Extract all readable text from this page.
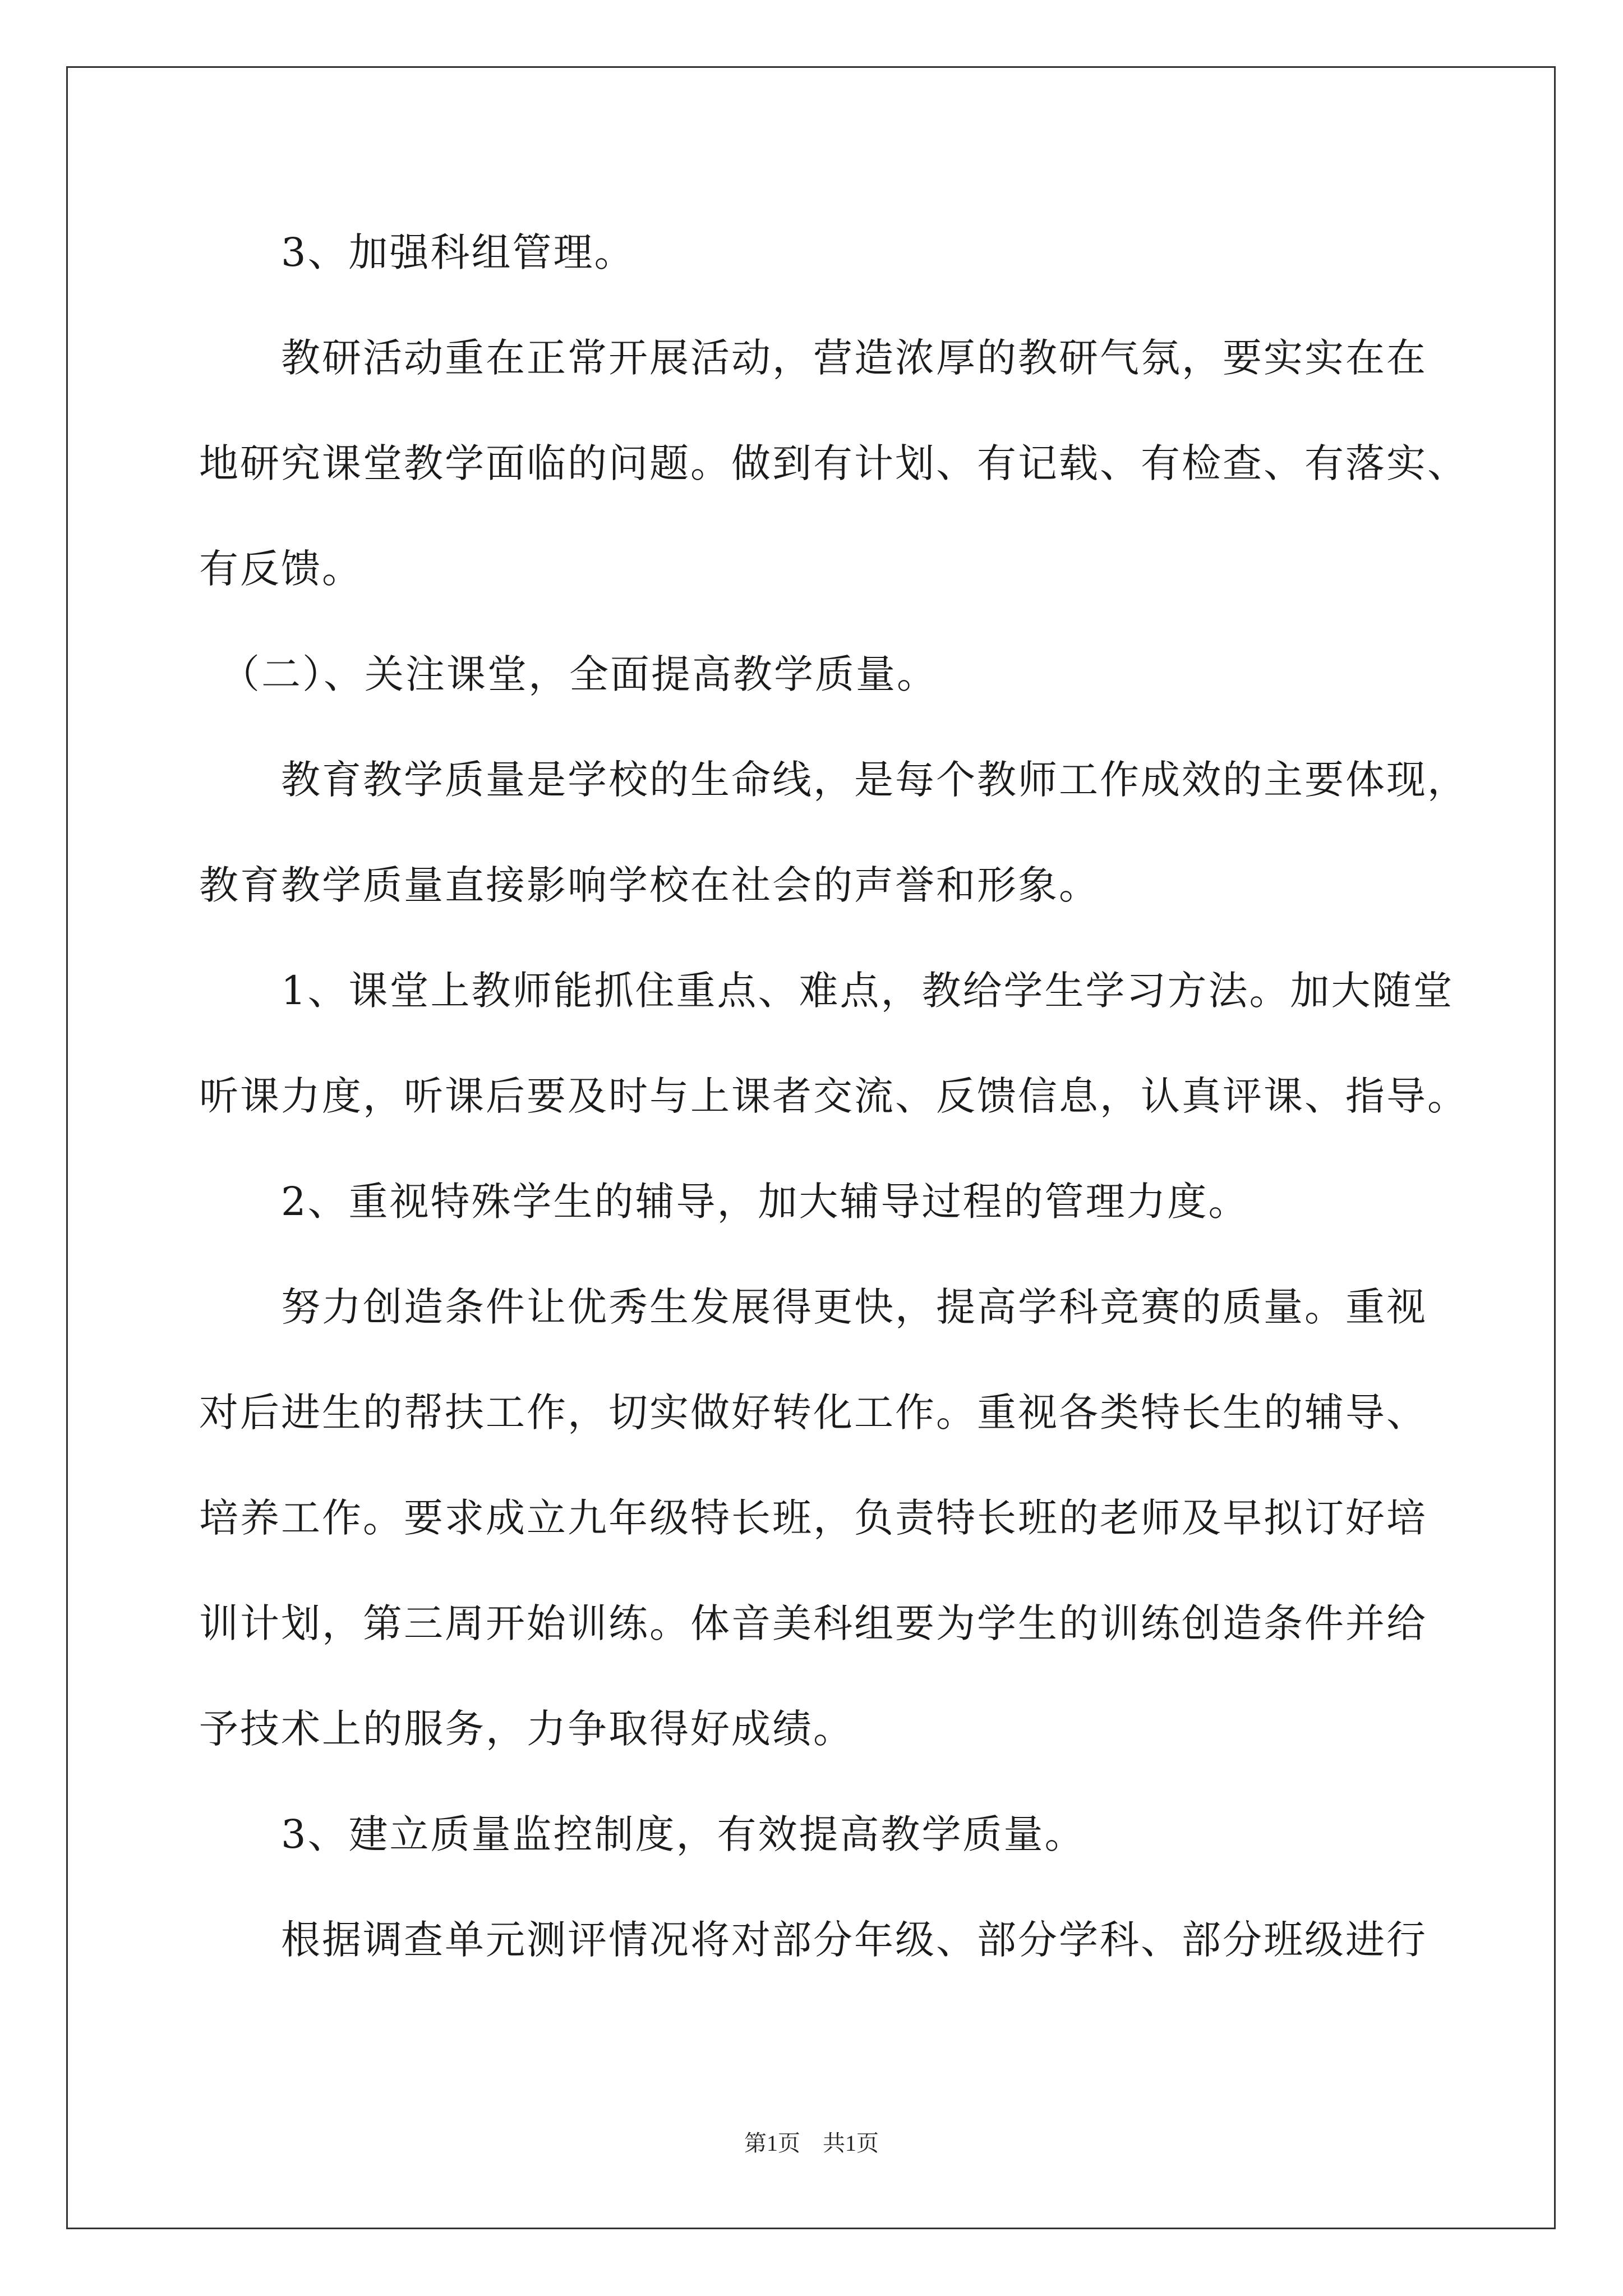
　　3、加强科组管理。
　　教研活动重在正常开展活动，营造浓厚的教研气氛，要实实在在
地研究课堂教学面临的问题。做到有计划、有记载、有检查、有落实、
有反馈。
　（二）、关注课堂，全面提高教学质量。
　　教育教学质量是学校的生命线，是每个教师工作成效的主要体现，
教育教学质量直接影响学校在社会的声誉和形象。
　　1、课堂上教师能抓住重点、难点，教给学生学习方法。加大随堂
听课力度，听课后要及时与上课者交流、反馈信息，认真评课、指导。
　　2、重视特殊学生的辅导，加大辅导过程的管理力度。
　　努力创造条件让优秀生发展得更快，提高学科竞赛的质量。重视
对后进生的帮扶工作，切实做好转化工作。重视各类特长生的辅导、
培养工作。要求成立九年级特长班，负责特长班的老师及早拟订好培
训计划，第三周开始训练。体音美科组要为学生的训练创造条件并给
予技术上的服务，力争取得好成绩。
　　3、建立质量监控制度，有效提高教学质量。
　　根据调查单元测评情况将对部分年级、部分学科、部分班级进行
第1页　共1页
